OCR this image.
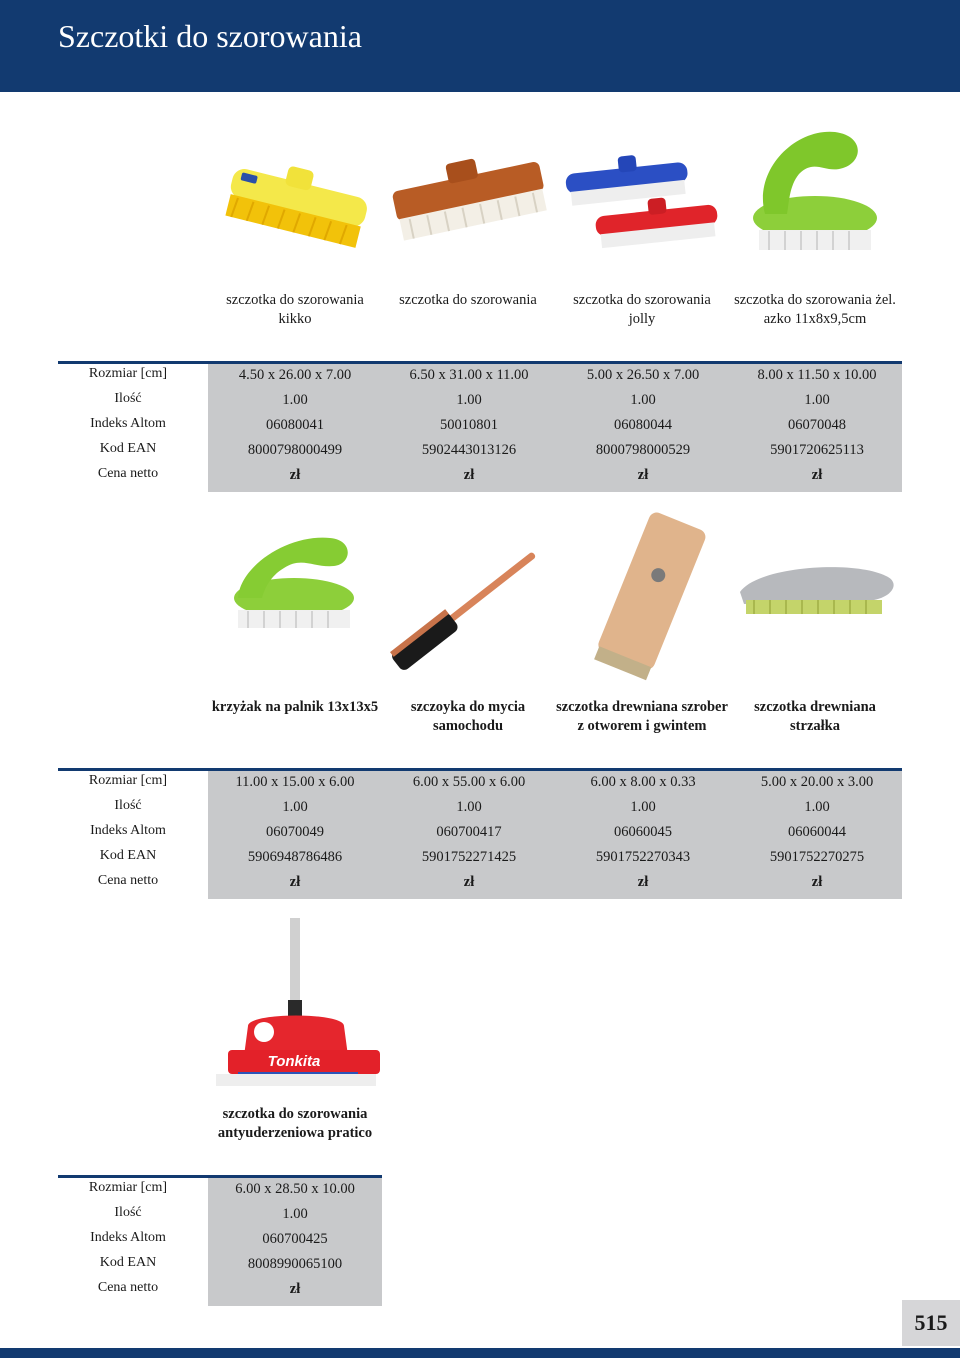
Szczotki do szorowania
szczotka do szorowania
kikko
szczotka do szorowania	szczotka do szorowania
jolly
szczotka do szorowania żel.
azko 11x8x9,5cm
Rozmiar [cm]
Ilość
Indeks Altom
Kod EAN
Cena netto
4.50 x 26.00 x 7.00
1.00
06080041
8000798000499
zł
6.50 x 31.00 x 11.00
1.00
50010801
5902443013126
zł
5.00 x 26.50 x 7.00
1.00
06080044
8000798000529
zł
8.00 x 11.50 x 10.00
1.00
06070048
5901720625113
zł
krzyżak na palnik 13x13x5	szczoyka do mycia
samochodu
szczotka drewniana szrober
z otworem i gwintem
szczotka drewniana
strzałka
Rozmiar [cm]
Ilość
Indeks Altom
Kod EAN
Cena netto
11.00 x 15.00 x 6.00
1.00
06070049
5906948786486
zł
6.00 x 55.00 x 6.00
1.00
060700417
5901752271425
zł
6.00 x 8.00 x 0.33
1.00
06060045
5901752270343
zł
5.00 x 20.00 x 3.00
1.00
06060044
5901752270275
zł
Tonkita
szczotka do szorowania
antyuderzeniowa pratico
Rozmiar [cm]
Ilość
Indeks Altom
Kod EAN
Cena netto
6.00 x 28.50 x 10.00
1.00
060700425
8008990065100
zł
515
